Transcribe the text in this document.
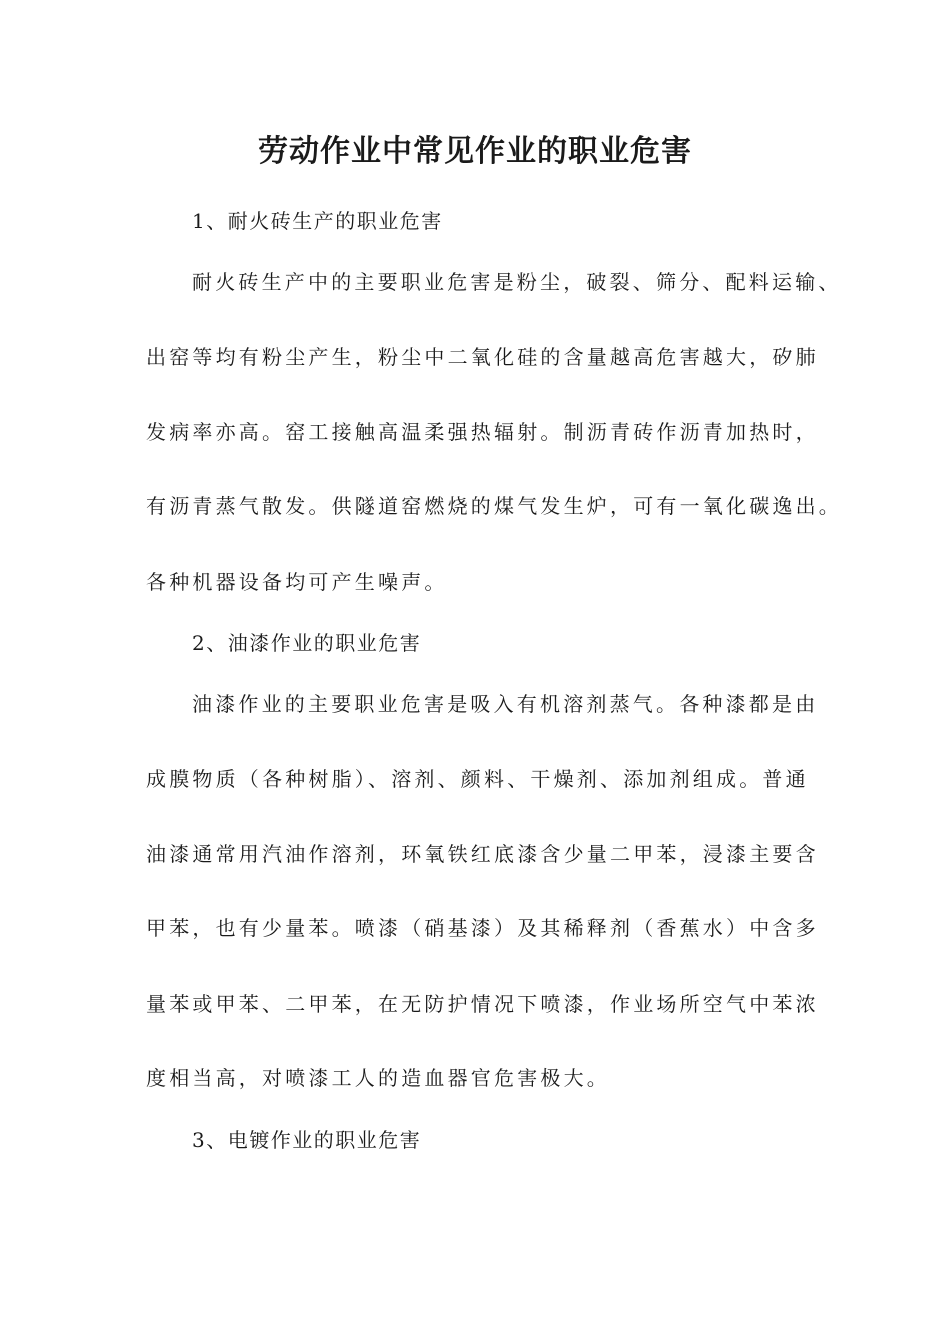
劳动作业中常见作业的职业危害

1、耐火砖生产的职业危害

耐火砖生产中的主要职业危害是粉尘，破裂、筛分、配料运输、

出窑等均有粉尘产生，粉尘中二氧化硅的含量越高危害越大，矽肺

发病率亦高。窑工接触高温柔强热辐射。制沥青砖作沥青加热时，

有沥青蒸气散发。供隧道窑燃烧的煤气发生炉，可有一氧化碳逸出。

各种机器设备均可产生噪声。

2、油漆作业的职业危害

油漆作业的主要职业危害是吸入有机溶剂蒸气。各种漆都是由

成膜物质（各种树脂）、溶剂、颜料、干燥剂、添加剂组成。普通

油漆通常用汽油作溶剂，环氧铁红底漆含少量二甲苯，浸漆主要含

甲苯，也有少量苯。喷漆（硝基漆）及其稀释剂（香蕉水）中含多

量苯或甲苯、二甲苯，在无防护情况下喷漆，作业场所空气中苯浓

度相当高，对喷漆工人的造血器官危害极大。

3、电镀作业的职业危害
